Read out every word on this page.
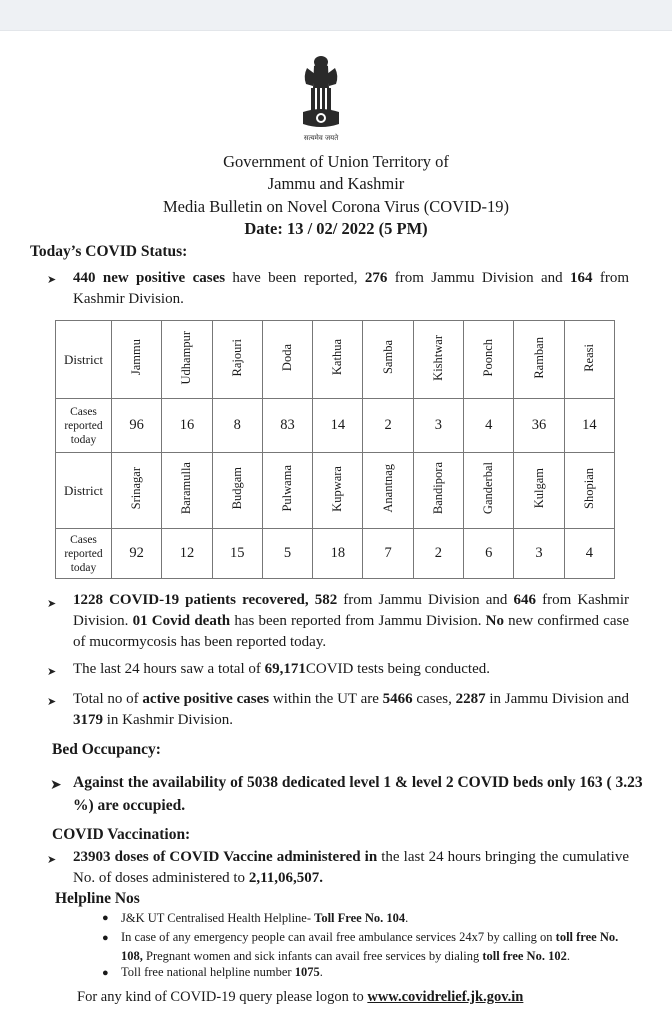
सत्यमेव जयते
Government of Union Territory of
Jammu and Kashmir
Media Bulletin on Novel Corona Virus (COVID-19)
Date: 13 / 02/ 2022 (5 PM)
Today’s COVID Status:
➤ 440 new positive cases have been reported, 276 from Jammu Division and 164 from Kashmir Division.
District	Jammu	Udhampur	Rajouri	Doda	Kathua	Samba	Kishtwar	Poonch	Ramban	Reasi
Cases reported today	96	16	8	83	14	2	3	4	36	14
District	Srinagar	Baramulla	Budgam	Pulwama	Kupwara	Anantnag	Bandipora	Ganderbal	Kulgam	Shopian
Cases reported today	92	12	15	5	18	7	2	6	3	4
➤ 1228 COVID-19 patients recovered, 582 from Jammu Division and 646 from Kashmir Division. 01 Covid death has been reported from Jammu Division. No new confirmed case of mucormycosis has been reported today.
➤ The last 24 hours saw a total of 69,171COVID tests being conducted.
➤ Total no of active positive cases within the UT are 5466 cases, 2287 in Jammu Division and 3179 in Kashmir Division.
Bed Occupancy:
➤ Against the availability of 5038 dedicated level 1 & level 2 COVID beds only 163 ( 3.23 %) are occupied.
COVID Vaccination:
➤ 23903 doses of COVID Vaccine administered in the last 24 hours bringing the cumulative No. of doses administered to 2,11,06,507.
Helpline Nos
● J&K UT Centralised Health Helpline- Toll Free No. 104.
● In case of any emergency people can avail free ambulance services 24x7 by calling on toll free No. 108, Pregnant women and sick infants can avail free services by dialing toll free No. 102.
● Toll free national helpline number 1075.
For any kind of COVID-19 query please logon to www.covidrelief.jk.gov.in
